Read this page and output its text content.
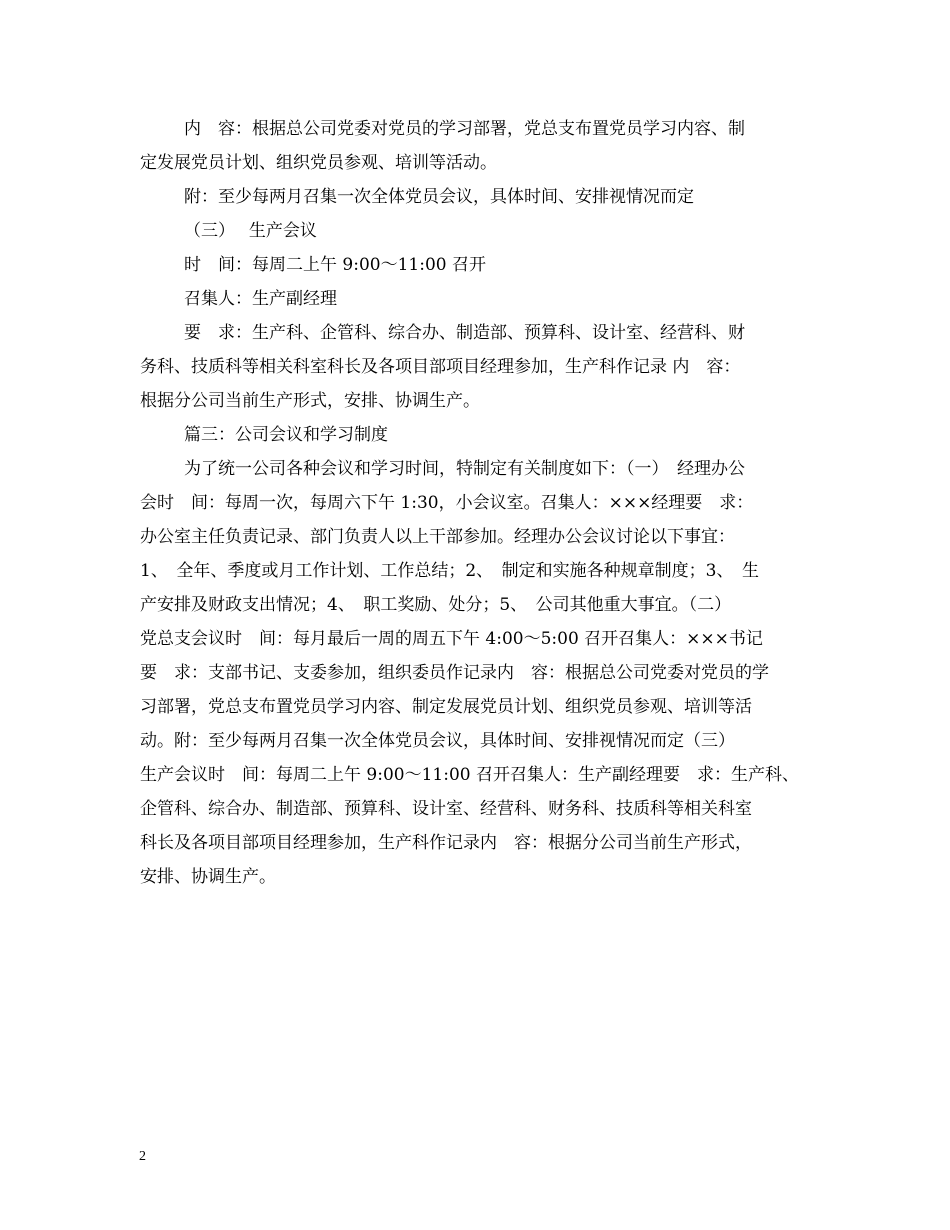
内　容：根据总公司党委对党员的学习部署，党总支布置党员学习内容、制
定发展党员计划、组织党员参观、培训等活动。
附：至少每两月召集一次全体党员会议，具体时间、安排视情况而定
（三）　 生产会议
时　间：每周二上午 9:00～11:00 召开
召集人：生产副经理
要　求：生产科、企管科、综合办、制造部、预算科、设计室、经营科、财
务科、技质科等相关科室科长及各项目部项目经理参加，生产科作记录 内　容：
根据分公司当前生产形式，安排、协调生产。
篇三：公司会议和学习制度
为了统一公司各种会议和学习时间，特制定有关制度如下：（一）　经理办公
会时　间：每周一次，每周六下午 1:30，小会议室。召集人：×××经理要　求：
办公室主任负责记录、部门负责人以上干部参加。经理办公会议讨论以下事宜：
1、　全年、季度或月工作计划、工作总结；2、　制定和实施各种规章制度；3、　生
产安排及财政支出情况；4、　职工奖励、处分；5、　公司其他重大事宜。（二）
党总支会议时　间：每月最后一周的周五下午 4:00～5:00 召开召集人：×××书记
要　求：支部书记、支委参加，组织委员作记录内　容：根据总公司党委对党员的学
习部署，党总支布置党员学习内容、制定发展党员计划、组织党员参观、培训等活
动。附：至少每两月召集一次全体党员会议，具体时间、安排视情况而定（三）
生产会议时　间：每周二上午 9:00～11:00 召开召集人：生产副经理要　求：生产科、
企管科、综合办、制造部、预算科、设计室、经营科、财务科、技质科等相关科室
科长及各项目部项目经理参加，生产科作记录内　容：根据分公司当前生产形式，
安排、协调生产。
2
